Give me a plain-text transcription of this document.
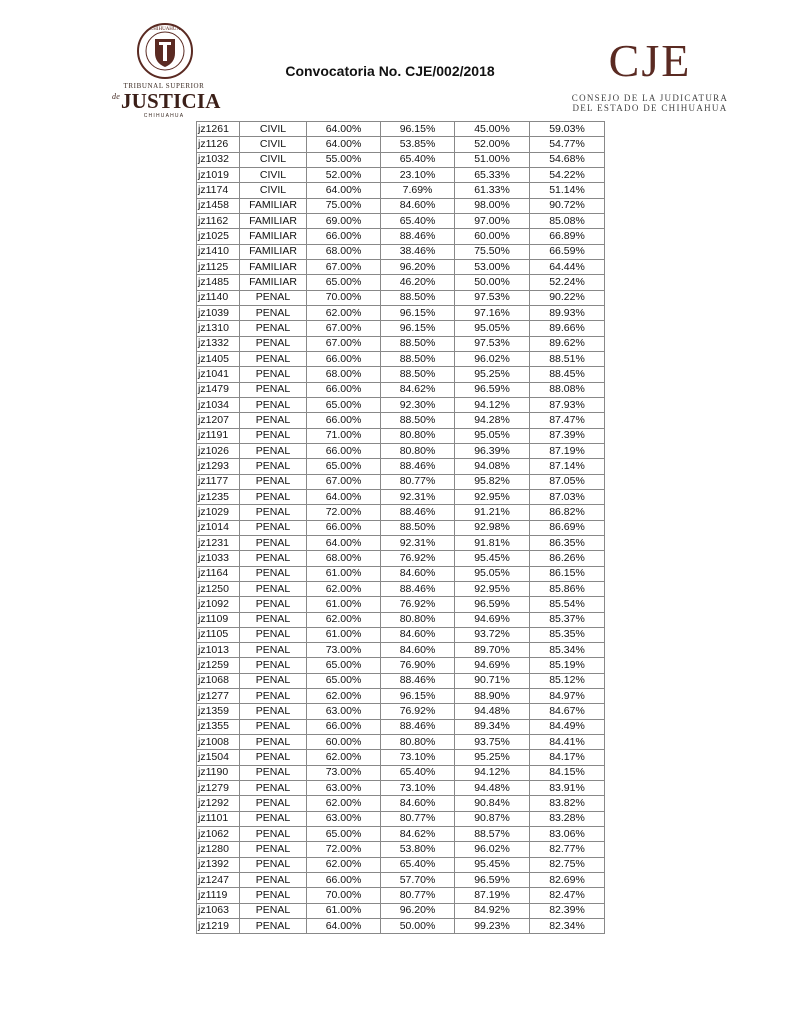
CHIHUAHUA
TRIBUNAL SUPERIOR
$^{de}$JUSTICIA
CHIHUAHUA
Convocatoria No. CJE/002/2018	CJE
CONSEJO DE LA JUDICATURA
DEL ESTADO DE CHIHUAHUA
jz1261	CIVIL	64.00%	96.15%	45.00%	59.03%
jz1126	CIVIL	64.00%	53.85%	52.00%	54.77%
jz1032	CIVIL	55.00%	65.40%	51.00%	54.68%
jz1019	CIVIL	52.00%	23.10%	65.33%	54.22%
jz1174	CIVIL	64.00%	7.69%	61.33%	51.14%
jz1458	FAMILIAR	75.00%	84.60%	98.00%	90.72%
jz1162	FAMILIAR	69.00%	65.40%	97.00%	85.08%
jz1025	FAMILIAR	66.00%	88.46%	60.00%	66.89%
jz1410	FAMILIAR	68.00%	38.46%	75.50%	66.59%
jz1125	FAMILIAR	67.00%	96.20%	53.00%	64.44%
jz1485	FAMILIAR	65.00%	46.20%	50.00%	52.24%
jz1140	PENAL	70.00%	88.50%	97.53%	90.22%
jz1039	PENAL	62.00%	96.15%	97.16%	89.93%
jz1310	PENAL	67.00%	96.15%	95.05%	89.66%
jz1332	PENAL	67.00%	88.50%	97.53%	89.62%
jz1405	PENAL	66.00%	88.50%	96.02%	88.51%
jz1041	PENAL	68.00%	88.50%	95.25%	88.45%
jz1479	PENAL	66.00%	84.62%	96.59%	88.08%
jz1034	PENAL	65.00%	92.30%	94.12%	87.93%
jz1207	PENAL	66.00%	88.50%	94.28%	87.47%
jz1191	PENAL	71.00%	80.80%	95.05%	87.39%
jz1026	PENAL	66.00%	80.80%	96.39%	87.19%
jz1293	PENAL	65.00%	88.46%	94.08%	87.14%
jz1177	PENAL	67.00%	80.77%	95.82%	87.05%
jz1235	PENAL	64.00%	92.31%	92.95%	87.03%
jz1029	PENAL	72.00%	88.46%	91.21%	86.82%
jz1014	PENAL	66.00%	88.50%	92.98%	86.69%
jz1231	PENAL	64.00%	92.31%	91.81%	86.35%
jz1033	PENAL	68.00%	76.92%	95.45%	86.26%
jz1164	PENAL	61.00%	84.60%	95.05%	86.15%
jz1250	PENAL	62.00%	88.46%	92.95%	85.86%
jz1092	PENAL	61.00%	76.92%	96.59%	85.54%
jz1109	PENAL	62.00%	80.80%	94.69%	85.37%
jz1105	PENAL	61.00%	84.60%	93.72%	85.35%
jz1013	PENAL	73.00%	84.60%	89.70%	85.34%
jz1259	PENAL	65.00%	76.90%	94.69%	85.19%
jz1068	PENAL	65.00%	88.46%	90.71%	85.12%
jz1277	PENAL	62.00%	96.15%	88.90%	84.97%
jz1359	PENAL	63.00%	76.92%	94.48%	84.67%
jz1355	PENAL	66.00%	88.46%	89.34%	84.49%
jz1008	PENAL	60.00%	80.80%	93.75%	84.41%
jz1504	PENAL	62.00%	73.10%	95.25%	84.17%
jz1190	PENAL	73.00%	65.40%	94.12%	84.15%
jz1279	PENAL	63.00%	73.10%	94.48%	83.91%
jz1292	PENAL	62.00%	84.60%	90.84%	83.82%
jz1101	PENAL	63.00%	80.77%	90.87%	83.28%
jz1062	PENAL	65.00%	84.62%	88.57%	83.06%
jz1280	PENAL	72.00%	53.80%	96.02%	82.77%
jz1392	PENAL	62.00%	65.40%	95.45%	82.75%
jz1247	PENAL	66.00%	57.70%	96.59%	82.69%
jz1119	PENAL	70.00%	80.77%	87.19%	82.47%
jz1063	PENAL	61.00%	96.20%	84.92%	82.39%
jz1219	PENAL	64.00%	50.00%	99.23%	82.34%
